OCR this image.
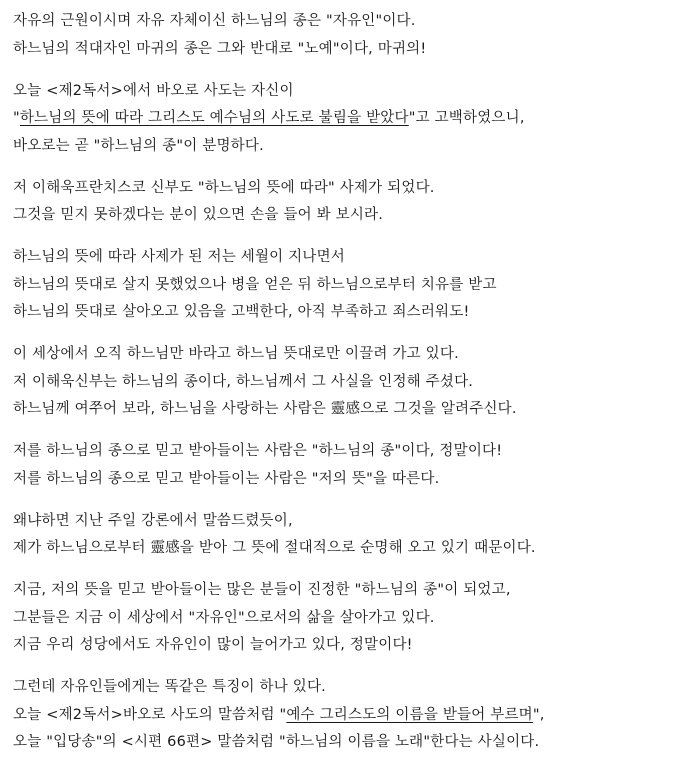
자유의 근원이시며 자유 자체이신 하느님의 종은 "자유인"이다.
하느님의 적대자인 마귀의 종은 그와 반대로 "노예"이다, 마귀의!
오늘 <제2독서>에서 바오로 사도는 자신이
"하느님의 뜻에 따라 그리스도 예수님의 사도로 불림을 받았다"고 고백하였으니,
바오로는 곧 "하느님의 종"이 분명하다.
저 이해욱프란치스코 신부도 "하느님의 뜻에 따라" 사제가 되었다.
그것을 믿지 못하겠다는 분이 있으면 손을 들어 봐 보시라.
하느님의 뜻에 따라 사제가 된 저는 세월이 지나면서
하느님의 뜻대로 살지 못했었으나 병을 얻은 뒤 하느님으로부터 치유를 받고
하느님의 뜻대로 살아오고 있음을 고백한다, 아직 부족하고 죄스러워도!
이 세상에서 오직 하느님만 바라고 하느님 뜻대로만 이끌려 가고 있다.
저 이해욱신부는 하느님의 종이다, 하느님께서 그 사실을 인정해 주셨다.
하느님께 여쭈어 보라, 하느님을 사랑하는 사람은 靈感으로 그것을 알려주신다.
저를 하느님의 종으로 믿고 받아들이는 사람은 "하느님의 종"이다, 정말이다!
저를 하느님의 종으로 믿고 받아들이는 사람은 "저의 뜻"을 따른다.
왜냐하면 지난 주일 강론에서 말씀드렸듯이,
제가 하느님으로부터 靈感을 받아 그 뜻에 절대적으로 순명해 오고 있기 때문이다.
지금, 저의 뜻을 믿고 받아들이는 많은 분들이 진정한 "하느님의 종"이 되었고,
그분들은 지금 이 세상에서 "자유인"으로서의 삶을 살아가고 있다.
지금 우리 성당에서도 자유인이 많이 늘어가고 있다, 정말이다!
그런데 자유인들에게는 똑같은 특징이 하나 있다.
오늘 <제2독서>바오로 사도의 말씀처럼 "예수 그리스도의 이름을 받들어 부르며",
오늘 "입당송"의 <시편 66편> 말씀처럼 "하느님의 이름을 노래"한다는 사실이다.
